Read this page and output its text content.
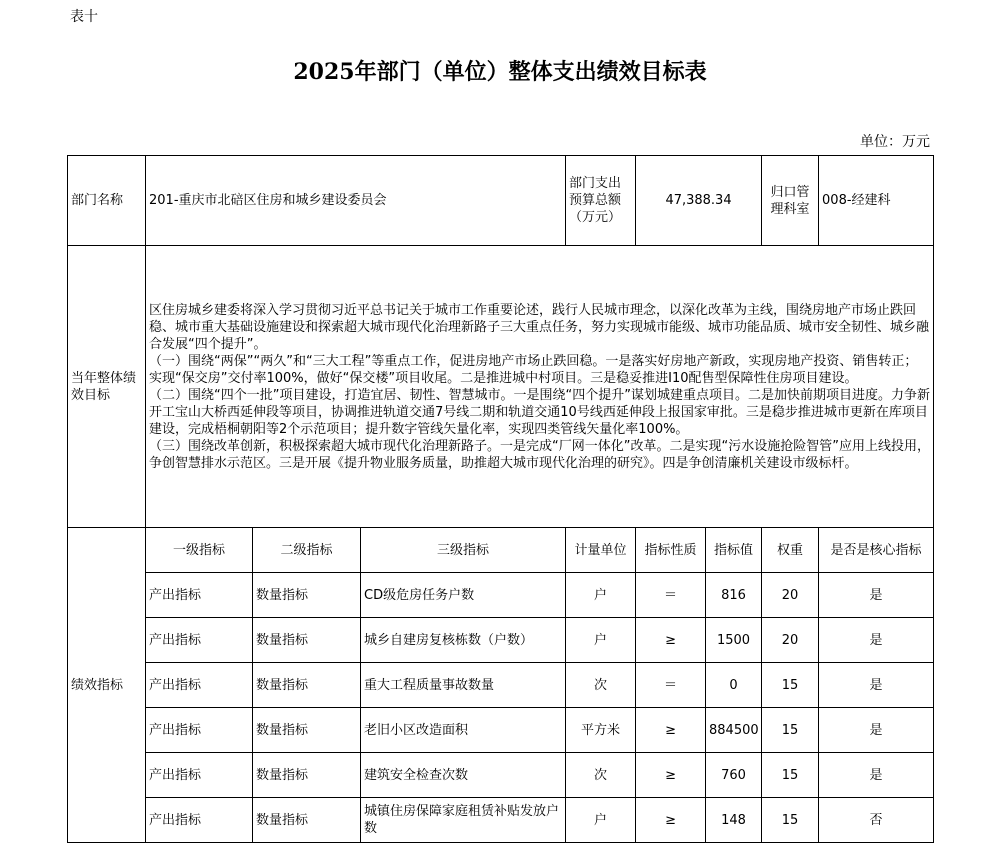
表十
2025年部门（单位）整体支出绩效目标表
单位：万元
部门名称	201-重庆市北碚区住房和城乡建设委员会			部门支出预算总额（万元）	47,388.34		归口管理科室	008-经建科
当年整体绩效目标	区住房城乡建委将深入学习贯彻习近平总书记关于城市工作重要论述，践行人民城市理念，以深化改革为主线，围绕房地产市场止跌回稳、城市重大基础设施建设和探索超大城市现代化治理新路子三大重点任务，努力实现城市能级、城市功能品质、城市安全韧性、城乡融合发展“四个提升”。

（一）围绕“两保”“两久”和“三大工程”等重点工作，促进房地产市场止跌回稳。一是落实好房地产新政，实现房地产投资、销售转正；实现“保交房”交付率100%，做好“保交楼”项目收尾。二是推进城中村项目。三是稳妥推进I10配售型保障性住房项目建设。

（二）围绕“四个一批”项目建设，打造宜居、韧性、智慧城市。一是围绕“四个提升”谋划城建重点项目。二是加快前期项目进度。力争新开工宝山大桥西延伸段等项目，协调推进轨道交通7号线二期和轨道交通10号线西延伸段上报国家审批。三是稳步推进城市更新在库项目建设，完成梧桐朝阳等2个示范项目；提升数字管线矢量化率，实现四类管线矢量化率100%。

（三）围绕改革创新，积极探索超大城市现代化治理新路子。一是完成“厂网一体化”改革。二是实现“污水设施抢险智管”应用上线投用，争创智慧排水示范区。三是开展《提升物业服务质量，助推超大城市现代化治理的研究》。四是争创清廉机关建设市级标杆。							

绩效指标	一级指标	二级指标	三级指标	计量单位	指标性质	指标值	权重	是否是核心指标
	产出指标	数量指标	CD级危房任务户数	户	＝	816	20	是
	产出指标	数量指标	城乡自建房复核栋数（户数）	户	≥	1500	20	是
	产出指标	数量指标	重大工程质量事故数量	次	＝	0	15	是
	产出指标	数量指标	老旧小区改造面积	平方米	≥	884500	15	是
	产出指标	数量指标	建筑安全检查次数	次	≥	760	15	是
	产出指标	数量指标	城镇住房保障家庭租赁补贴发放户数	户	≥	148	15	否
